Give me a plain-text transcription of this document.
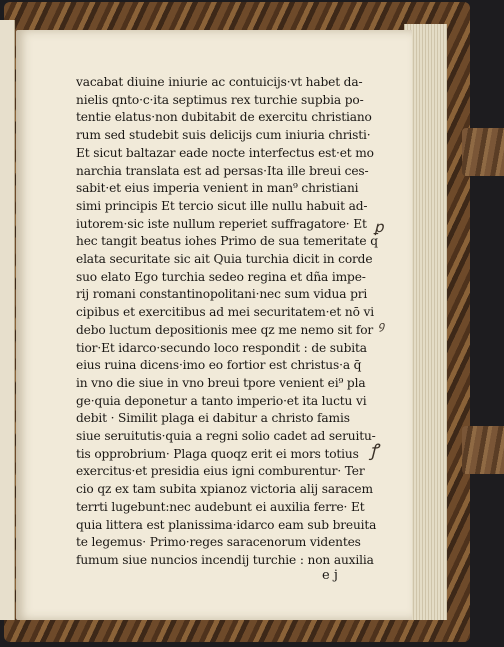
vacabat diuine iniurie ac contuicijs·vt habet da-
nielis qnto·c·ita septimus rex turchie supbia po-
tentie elatus·non dubitabit de exercitu christiano
rum sed studebit suis delicijs cum iniuria christi·
Et sicut baltazar eade nocte interfectus est·et mo
narchia translata est ad persas·Ita ille breui ces-
sabit·et eius imperia venient in man⁹ christiani
simi principis Et tercio sicut ille nullu habuit ad-
iutorem·sic iste nullum reperiet suffragatore· Et
hec tangit beatus iohes Primo de sua temeritate q
elata securitate sic ait Quia turchia dicit in corde
suo elato Ego turchia sedeo regina et dña impe-
rij romani constantinopolitani·nec sum vidua pri
cipibus et exercitibus ad mei securitatem·et nō vi
debo luctum depositionis mee qz me nemo sit for
tior·Et idarco·secundo loco respondit : de subita
eius ruina dicens·imo eo fortior est christus·a q̄
in vno die siue in vno breui tpore venient ei⁹ pla
ge·quia deponetur a tanto imperio·et ita luctu vi
debit · Similit plaga ei dabitur a christo famis
siue seruitutis·quia a regni solio cadet ad seruitu-
tis opprobrium· Plaga quoqz erit ei mors totius
exercitus·et presidia eius igni comburentur· Ter
cio qz ex tam subita xpianoz victoria alij saracem
terrti lugebunt:nec audebunt ei auxilia ferre· Et
quia littera est planissima·idarco eam sub breuita
te legemus· Primo·reges saracenorum videntes
fumum siue nuncios incendij turchie : non auxilia
e j
ꝑ
ꝯ
ꝭ
